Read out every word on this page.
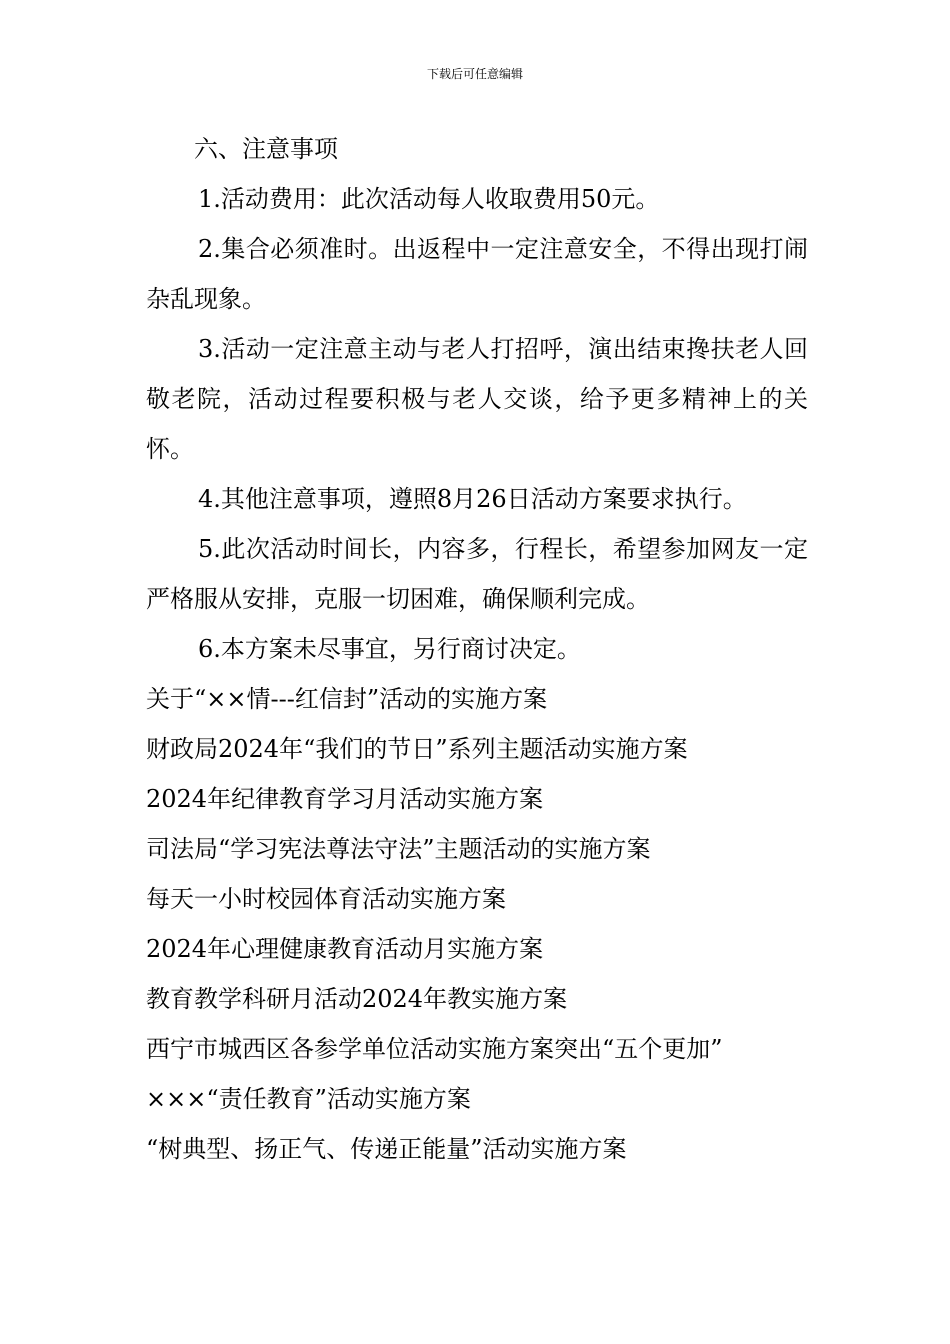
下载后可任意编辑
六、注意事项
1.活动费用：此次活动每人收取费用50元。
2.集合必须准时。出返程中一定注意安全，不得出现打闹杂乱现象。
3.活动一定注意主动与老人打招呼，演出结束搀扶老人回敬老院，活动过程要积极与老人交谈，给予更多精神上的关怀。
4.其他注意事项，遵照8月26日活动方案要求执行。
5.此次活动时间长，内容多，行程长，希望参加网友一定严格服从安排，克服一切困难，确保顺利完成。
6.本方案未尽事宜，另行商讨决定。
关于“××情---红信封”活动的实施方案
财政局2024年“我们的节日”系列主题活动实施方案
2024年纪律教育学习月活动实施方案
司法局“学习宪法尊法守法”主题活动的实施方案
每天一小时校园体育活动实施方案
2024年心理健康教育活动月实施方案
教育教学科研月活动2024年教实施方案
西宁市城西区各参学单位活动实施方案突出“五个更加”
×××“责任教育”活动实施方案
“树典型、扬正气、传递正能量”活动实施方案
